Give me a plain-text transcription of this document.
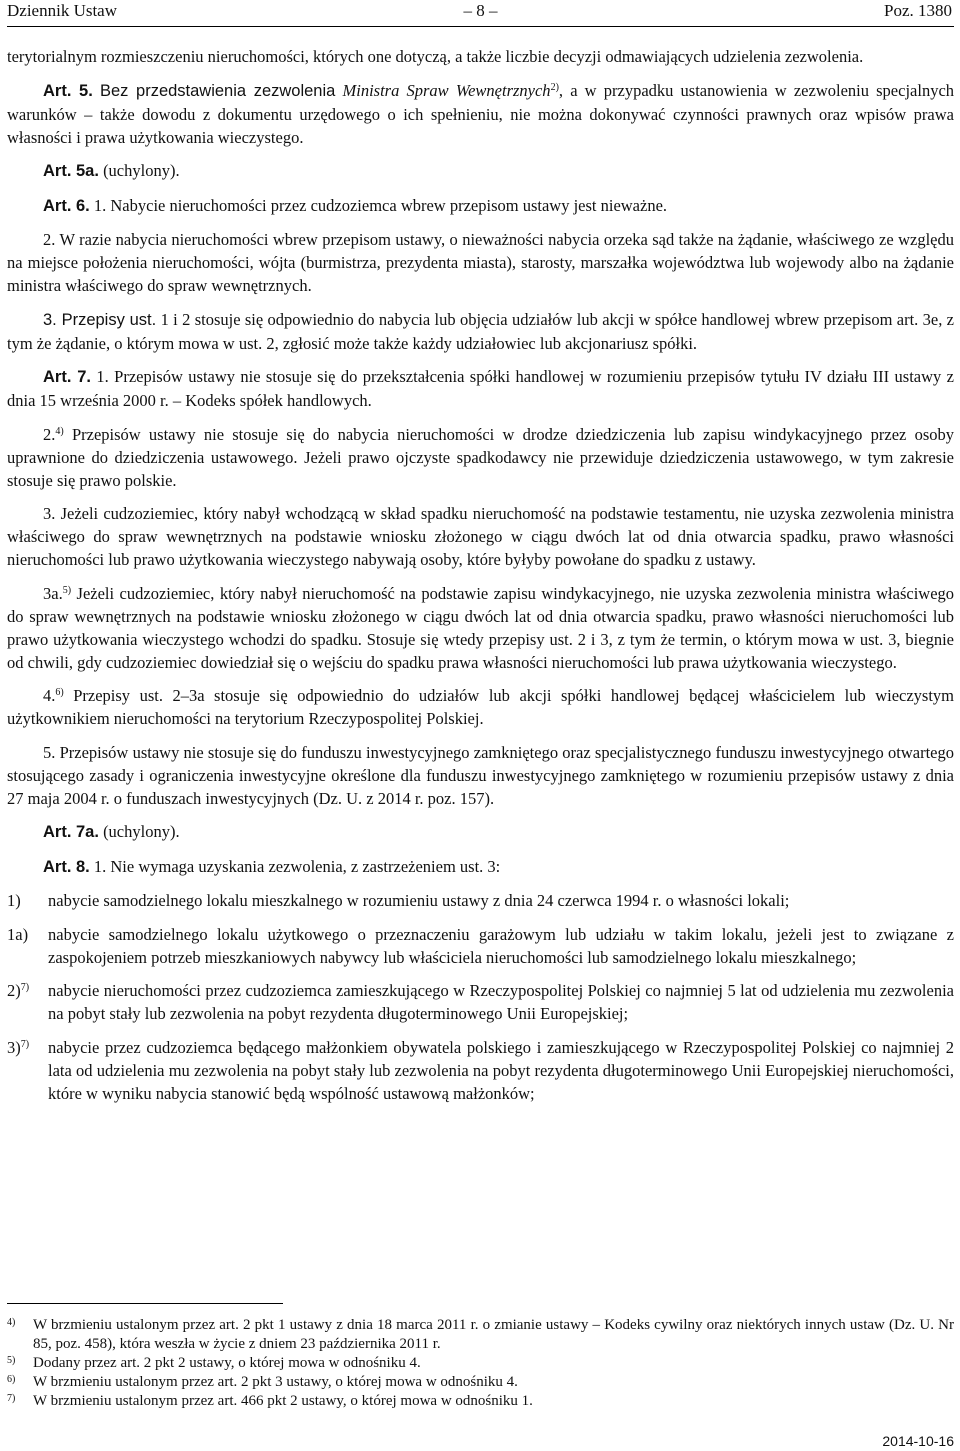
Dziennik Ustaw	– 8 –	Poz. 1380

terytorialnym rozmieszczeniu nieruchomości, których one dotyczą, a także liczbie decyzji odmawiających udzielenia zezwolenia.

Art. 5. Bez przedstawienia zezwolenia Ministra Spraw Wewnętrznych$^{2)}$, a w przypadku ustanowienia w zezwoleniu specjalnych warunków – także dowodu z dokumentu urzędowego o ich spełnieniu, nie można dokonywać czynności prawnych oraz wpisów prawa własności i prawa użytkowania wieczystego.

Art. 5a. (uchylony).

Art. 6. 1. Nabycie nieruchomości przez cudzoziemca wbrew przepisom ustawy jest nieważne.

2. W razie nabycia nieruchomości wbrew przepisom ustawy, o nieważności nabycia orzeka sąd także na żądanie, właściwego ze względu na miejsce położenia nieruchomości, wójta (burmistrza, prezydenta miasta), starosty, marszałka województwa lub wojewody albo na żądanie ministra właściwego do spraw wewnętrznych.

3. Przepisy ust. 1 i 2 stosuje się odpowiednio do nabycia lub objęcia udziałów lub akcji w spółce handlowej wbrew przepisom art. 3e, z tym że żądanie, o którym mowa w ust. 2, zgłosić może także każdy udziałowiec lub akcjonariusz spółki.

Art. 7. 1. Przepisów ustawy nie stosuje się do przekształcenia spółki handlowej w rozumieniu przepisów tytułu IV działu III ustawy z dnia 15 września 2000 r. – Kodeks spółek handlowych.

2.$^{4)}$ Przepisów ustawy nie stosuje się do nabycia nieruchomości w drodze dziedziczenia lub zapisu windykacyjnego przez osoby uprawnione do dziedziczenia ustawowego. Jeżeli prawo ojczyste spadkodawcy nie przewiduje dziedziczenia ustawowego, w tym zakresie stosuje się prawo polskie.

3. Jeżeli cudzoziemiec, który nabył wchodzącą w skład spadku nieruchomość na podstawie testamentu, nie uzyska zezwolenia ministra właściwego do spraw wewnętrznych na podstawie wniosku złożonego w ciągu dwóch lat od dnia otwarcia spadku, prawo własności nieruchomości lub prawo użytkowania wieczystego nabywają osoby, które byłyby powołane do spadku z ustawy.

3a.$^{5)}$ Jeżeli cudzoziemiec, który nabył nieruchomość na podstawie zapisu windykacyjnego, nie uzyska zezwolenia ministra właściwego do spraw wewnętrznych na podstawie wniosku złożonego w ciągu dwóch lat od dnia otwarcia spadku, prawo własności nieruchomości lub prawo użytkowania wieczystego wchodzi do spadku. Stosuje się wtedy przepisy ust. 2 i 3, z tym że termin, o którym mowa w ust. 3, biegnie od chwili, gdy cudzoziemiec dowiedział się o wejściu do spadku prawa własności nieruchomości lub prawa użytkowania wieczystego.

4.$^{6)}$ Przepisy ust. 2–3a stosuje się odpowiednio do udziałów lub akcji spółki handlowej będącej właścicielem lub wieczystym użytkownikiem nieruchomości na terytorium Rzeczypospolitej Polskiej.

5. Przepisów ustawy nie stosuje się do funduszu inwestycyjnego zamkniętego oraz specjalistycznego funduszu inwestycyjnego otwartego stosującego zasady i ograniczenia inwestycyjne określone dla funduszu inwestycyjnego zamkniętego w rozumieniu przepisów ustawy z dnia 27 maja 2004 r. o funduszach inwestycyjnych (Dz. U. z 2014 r. poz. 157).

Art. 7a. (uchylony).

Art. 8. 1. Nie wymaga uzyskania zezwolenia, z zastrzeżeniem ust. 3:

1) nabycie samodzielnego lokalu mieszkalnego w rozumieniu ustawy z dnia 24 czerwca 1994 r. o własności lokali;
1a) nabycie samodzielnego lokalu użytkowego o przeznaczeniu garażowym lub udziału w takim lokalu, jeżeli jest to związane z zaspokojeniem potrzeb mieszkaniowych nabywcy lub właściciela nieruchomości lub samodzielnego lokalu mieszkalnego;
2)$^{7)}$ nabycie nieruchomości przez cudzoziemca zamieszkującego w Rzeczypospolitej Polskiej co najmniej 5 lat od udzielenia mu zezwolenia na pobyt stały lub zezwolenia na pobyt rezydenta długoterminowego Unii Europejskiej;
3)$^{7)}$ nabycie przez cudzoziemca będącego małżonkiem obywatela polskiego i zamieszkującego w Rzeczypospolitej Polskiej co najmniej 2 lata od udzielenia mu zezwolenia na pobyt stały lub zezwolenia na pobyt rezydenta długoterminowego Unii Europejskiej nieruchomości, które w wyniku nabycia stanowić będą wspólność ustawową małżonków;
4) W brzmieniu ustalonym przez art. 2 pkt 1 ustawy z dnia 18 marca 2011 r. o zmianie ustawy – Kodeks cywilny oraz niektórych innych ustaw (Dz. U. Nr 85, poz. 458), która weszła w życie z dniem 23 października 2011 r.
5) Dodany przez art. 2 pkt 2 ustawy, o której mowa w odnośniku 4.
6) W brzmieniu ustalonym przez art. 2 pkt 3 ustawy, o której mowa w odnośniku 4.
7) W brzmieniu ustalonym przez art. 466 pkt 2 ustawy, o której mowa w odnośniku 1.
2014-10-16
